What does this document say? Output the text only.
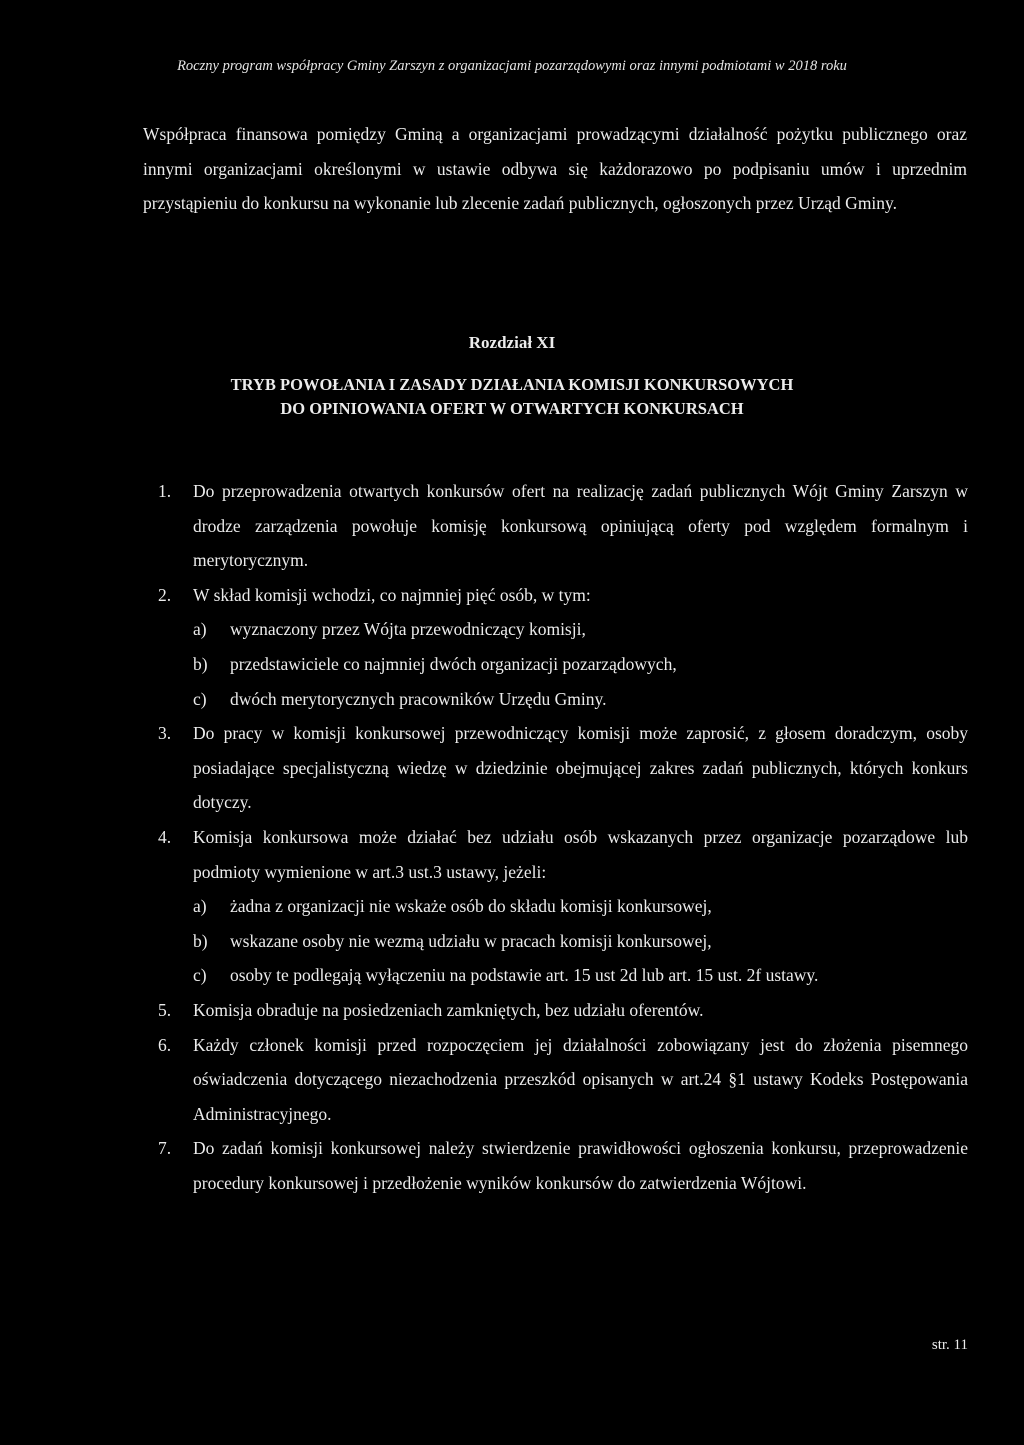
Roczny program współpracy Gminy Zarszyn z organizacjami pozarządowymi oraz innymi podmiotami w 2018 roku

Współpraca finansowa pomiędzy Gminą a organizacjami prowadzącymi działalność pożytku publicznego oraz innymi organizacjami określonymi w ustawie odbywa się każdorazowo po podpisaniu umów i uprzednim przystąpieniu do konkursu na wykonanie lub zlecenie zadań publicznych, ogłoszonych przez Urząd Gminy.

Rozdział XI
TRYB POWOŁANIA I ZASADY DZIAŁANIA KOMISJI KONKURSOWYCH
DO OPINIOWANIA OFERT W OTWARTYCH KONKURSACH
1. Do przeprowadzenia otwartych konkursów ofert na realizację zadań publicznych Wójt Gminy Zarszyn w drodze zarządzenia powołuje komisję konkursową opiniującą oferty pod względem formalnym i merytorycznym.
2. W skład komisji wchodzi, co najmniej pięć osób, w tym:
a) wyznaczony przez Wójta przewodniczący komisji,
b) przedstawiciele co najmniej dwóch organizacji pozarządowych,
c) dwóch merytorycznych pracowników Urzędu Gminy.
3. Do pracy w komisji konkursowej przewodniczący komisji może zaprosić, z głosem doradczym, osoby posiadające specjalistyczną wiedzę w dziedzinie obejmującej zakres zadań publicznych, których konkurs dotyczy.
4. Komisja konkursowa może działać bez udziału osób wskazanych przez organizacje pozarządowe lub podmioty wymienione w art.3 ust.3 ustawy, jeżeli:
a) żadna z organizacji nie wskaże osób do składu komisji konkursowej,
b) wskazane osoby nie wezmą udziału w pracach komisji konkursowej,
c) osoby te podlegają wyłączeniu na podstawie art. 15 ust 2d lub art. 15 ust. 2f ustawy.
5. Komisja obraduje na posiedzeniach zamkniętych, bez udziału oferentów.
6. Każdy członek komisji przed rozpoczęciem jej działalności zobowiązany jest do złożenia pisemnego oświadczenia dotyczącego niezachodzenia przeszkód opisanych w art.24 §1 ustawy Kodeks Postępowania Administracyjnego.
7. Do zadań komisji konkursowej należy stwierdzenie prawidłowości ogłoszenia konkursu, przeprowadzenie procedury konkursowej i przedłożenie wyników konkursów do zatwierdzenia Wójtowi.
str. 11
